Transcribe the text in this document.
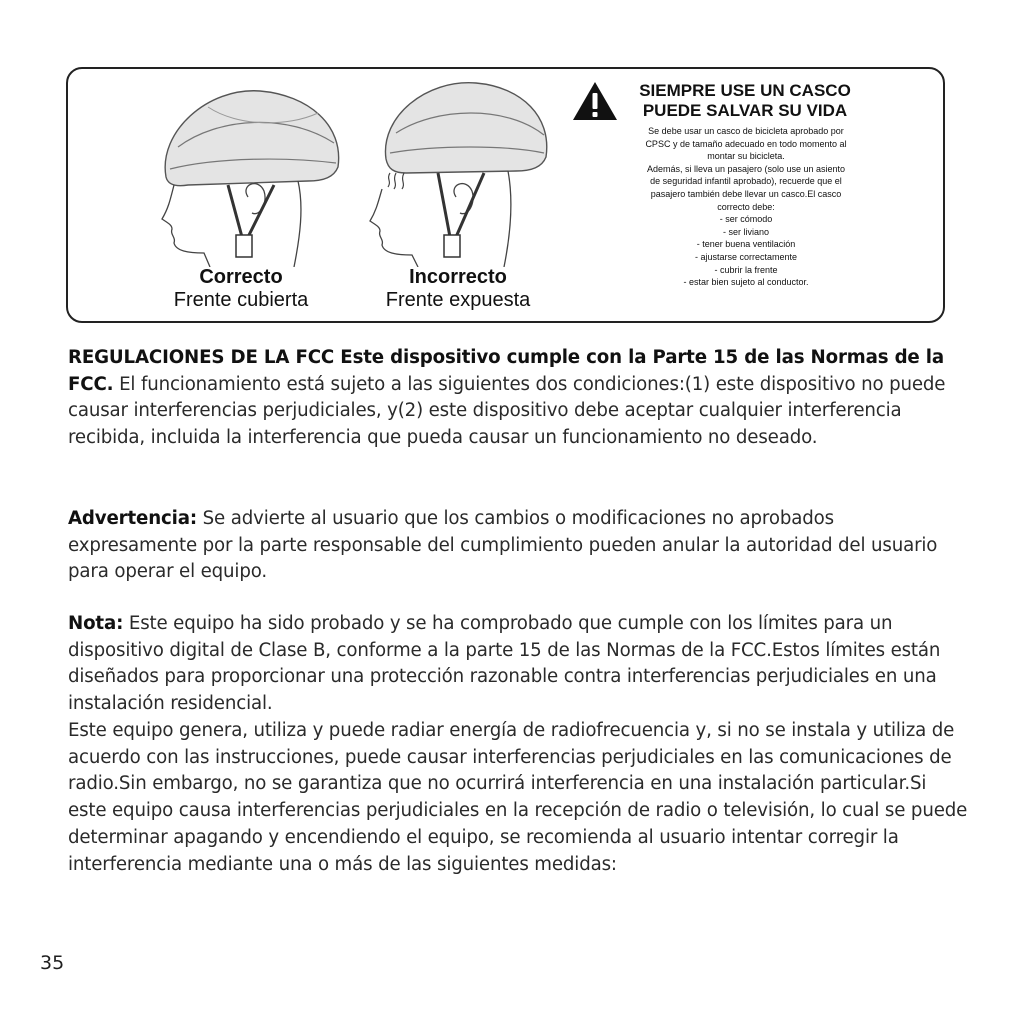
Correcto
Frente cubierta
Incorrecto
Frente expuesta
SIEMPRE USE UN CASCO
PUEDE SALVAR SU VIDA
Se debe usar un casco de bicicleta aprobado por
CPSC y de tamaño adecuado en todo momento al
montar su bicicleta.
Además, si lleva un pasajero (solo use un asiento
de seguridad infantil aprobado), recuerde que el
pasajero también debe llevar un casco.El casco
correcto debe:
- ser cómodo
- ser liviano
- tener buena ventilación
- ajustarse correctamente
- cubrir la frente
- estar bien sujeto al conductor.
REGULACIONES DE LA FCC Este dispositivo cumple con la Parte 15 de las Normas de la FCC. El funcionamiento está sujeto a las siguientes dos condiciones:(1) este dispositivo no puede causar interferencias perjudiciales, y(2) este dispositivo debe aceptar cualquier interferencia recibida, incluida la interferencia que pueda causar un funcionamiento no deseado.
Advertencia: Se advierte al usuario que los cambios o modificaciones no aprobados expresamente por la parte responsable del cumplimiento pueden anular la autoridad del usuario para operar el equipo.
Nota: Este equipo ha sido probado y se ha comprobado que cumple con los límites para un dispositivo digital de Clase B, conforme a la parte 15 de las Normas de la FCC.Estos límites están diseñados para proporcionar una protección razonable contra interferencias perjudiciales en una instalación residencial.
Este equipo genera, utiliza y puede radiar energía de radiofrecuencia y, si no se instala y utiliza de acuerdo con las instrucciones, puede causar interferencias perjudiciales en las comunicaciones de radio.Sin embargo, no se garantiza que no ocurrirá interferencia en una instalación particular.Si este equipo causa interferencias perjudiciales en la recepción de radio o televisión, lo cual se puede determinar apagando y encendiendo el equipo, se recomienda al usuario intentar corregir la interferencia mediante una o más de las siguientes medidas:
35
